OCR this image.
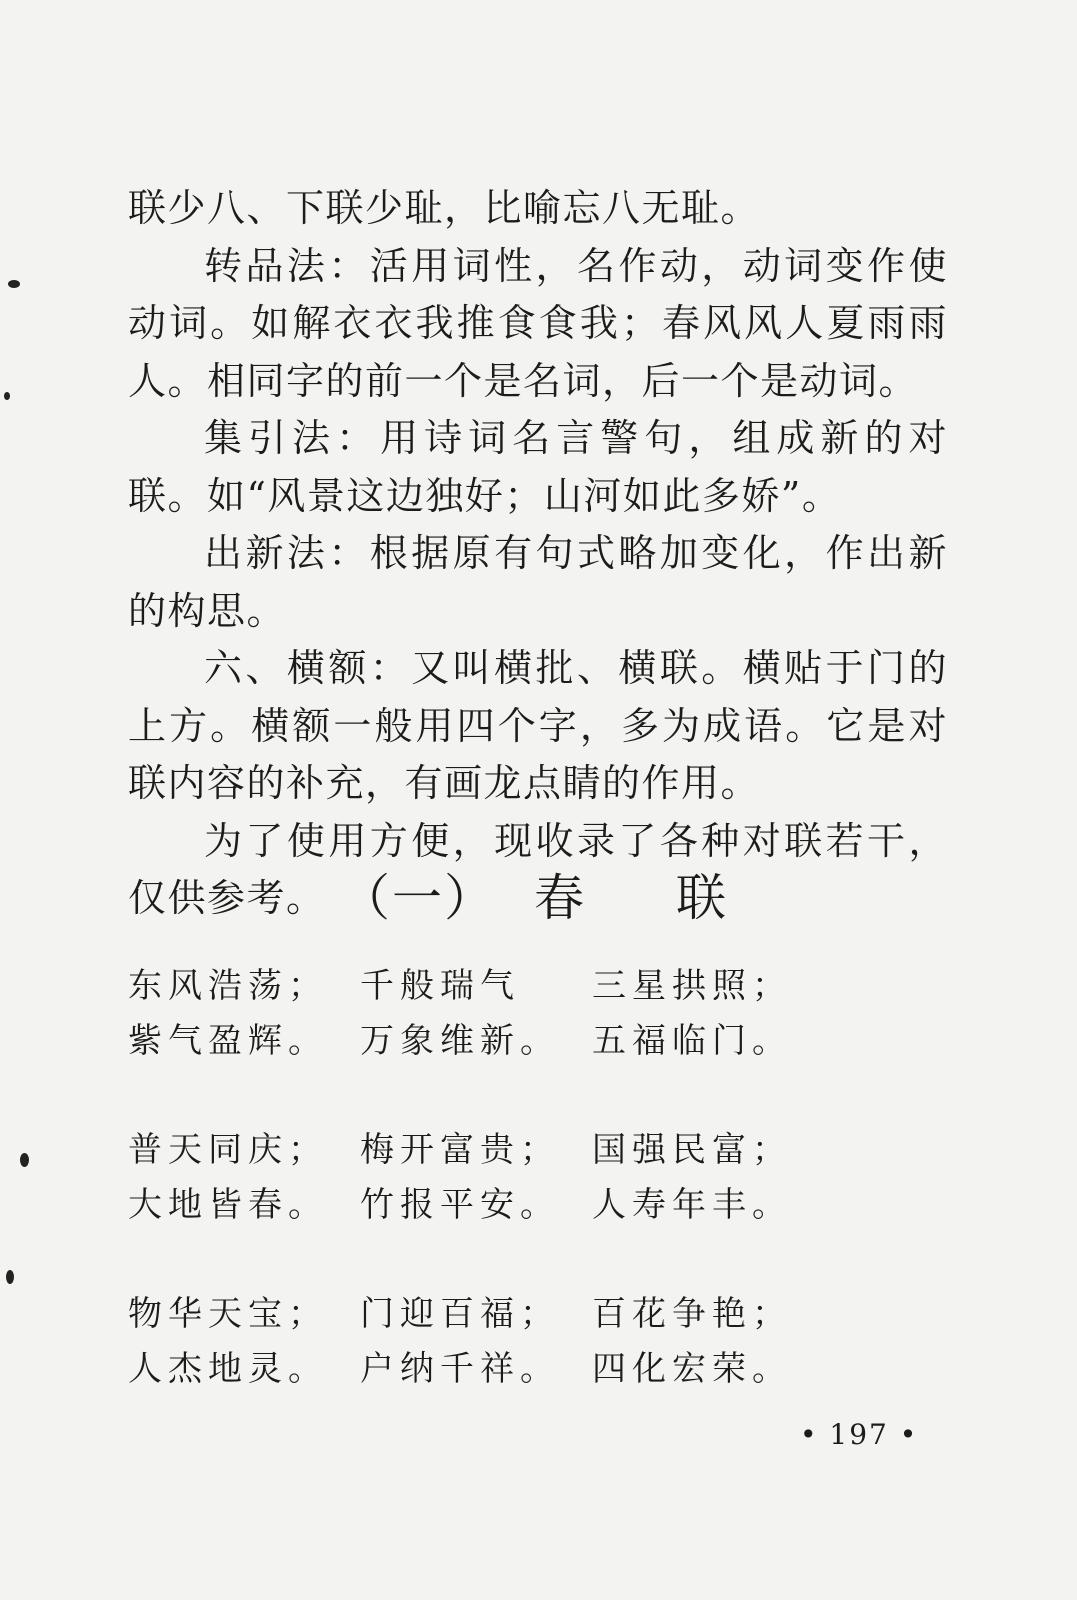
联少八、下联少耻，比喻忘八无耻。

转品法：活用词性，名作动，动词变作使动词。如解衣衣我推食食我；春风风人夏雨雨人。相同字的前一个是名词，后一个是动词。

集引法：用诗词名言警句，组成新的对联。如“风景这边独好；山河如此多娇”。

出新法：根据原有句式略加变化，作出新的构思。

六、横额：又叫横批、横联。横贴于门的上方。横额一般用四个字，多为成语。它是对联内容的补充，有画龙点睛的作用。

为了使用方便，现收录了各种对联若干，仅供参考。 （一） 春 联
东风浩荡；
紫气盈辉。
千般瑞气
万象维新。
三星拱照；
五福临门。
普天同庆；
大地皆春。
梅开富贵；
竹报平安。
国强民富；
人寿年丰。
物华天宝；
人杰地灵。
门迎百福；
户纳千祥。
百花争艳；
四化宏荣。
• 197 •
